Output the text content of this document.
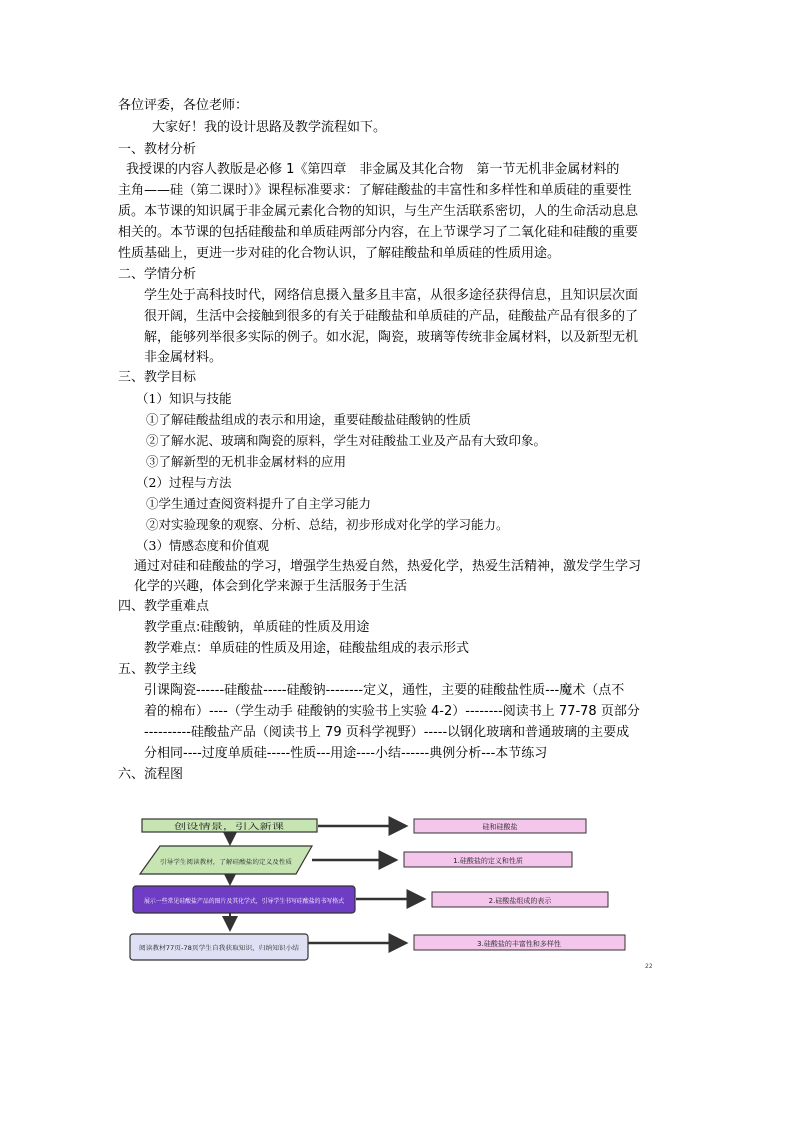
各位评委，各位老师：
大家好！我的设计思路及教学流程如下。
一、教材分析
我授课的内容人教版是必修 1《第四章　非金属及其化合物　第一节无机非金属材料的
主角——硅（第二课时）》课程标准要求：了解硅酸盐的丰富性和多样性和单质硅的重要性
质。本节课的知识属于非金属元素化合物的知识，与生产生活联系密切，人的生命活动息息
相关的。本节课的包括硅酸盐和单质硅两部分内容，在上节课学习了二氧化硅和硅酸的重要
性质基础上，更进一步对硅的化合物认识，了解硅酸盐和单质硅的性质用途。
二、学情分析
学生处于高科技时代，网络信息摄入量多且丰富，从很多途径获得信息，且知识层次面
很开阔，生活中会接触到很多的有关于硅酸盐和单质硅的产品，硅酸盐产品有很多的了
解，能够列举很多实际的例子。如水泥，陶瓷，玻璃等传统非金属材料，以及新型无机
非金属材料。
三、教学目标
（1）知识与技能
①了解硅酸盐组成的表示和用途，重要硅酸盐硅酸钠的性质
②了解水泥、玻璃和陶瓷的原料，学生对硅酸盐工业及产品有大致印象。
③了解新型的无机非金属材料的应用
（2）过程与方法
①学生通过查阅资料提升了自主学习能力
②对实验现象的观察、分析、总结，初步形成对化学的学习能力。
（3）情感态度和价值观
通过对硅和硅酸盐的学习，增强学生热爱自然，热爱化学，热爱生活精神，激发学生学习
化学的兴趣，体会到化学来源于生活服务于生活
四、教学重难点
教学重点:硅酸钠，单质硅的性质及用途
教学难点：单质硅的性质及用途，硅酸盐组成的表示形式
五、教学主线
引课陶瓷------硅酸盐-----硅酸钠--------定义，通性，主要的硅酸盐性质---魔术（点不
着的棉布）----（学生动手 硅酸钠的实验书上实验 4-2）--------阅读书上 77-78 页部分
----------硅酸盐产品（阅读书上 79 页科学视野）-----以钢化玻璃和普通玻璃的主要成
分相同----过度单质硅-----性质---用途----小结------典例分析---本节练习
六、流程图
创设情景，引入新课
引导学生阅读教材，了解硅酸盐的定义及性质
展示一些常见硅酸盐产品的图片及其化学式，引导学生书写硅酸盐的书写格式
阅读教材77页-78页学生自我获取知识，归纳知识小结
硅和硅酸盐
1.硅酸盐的定义和性质
2.硅酸盐组成的表示
3.硅酸盐的丰富性和多样性
22
